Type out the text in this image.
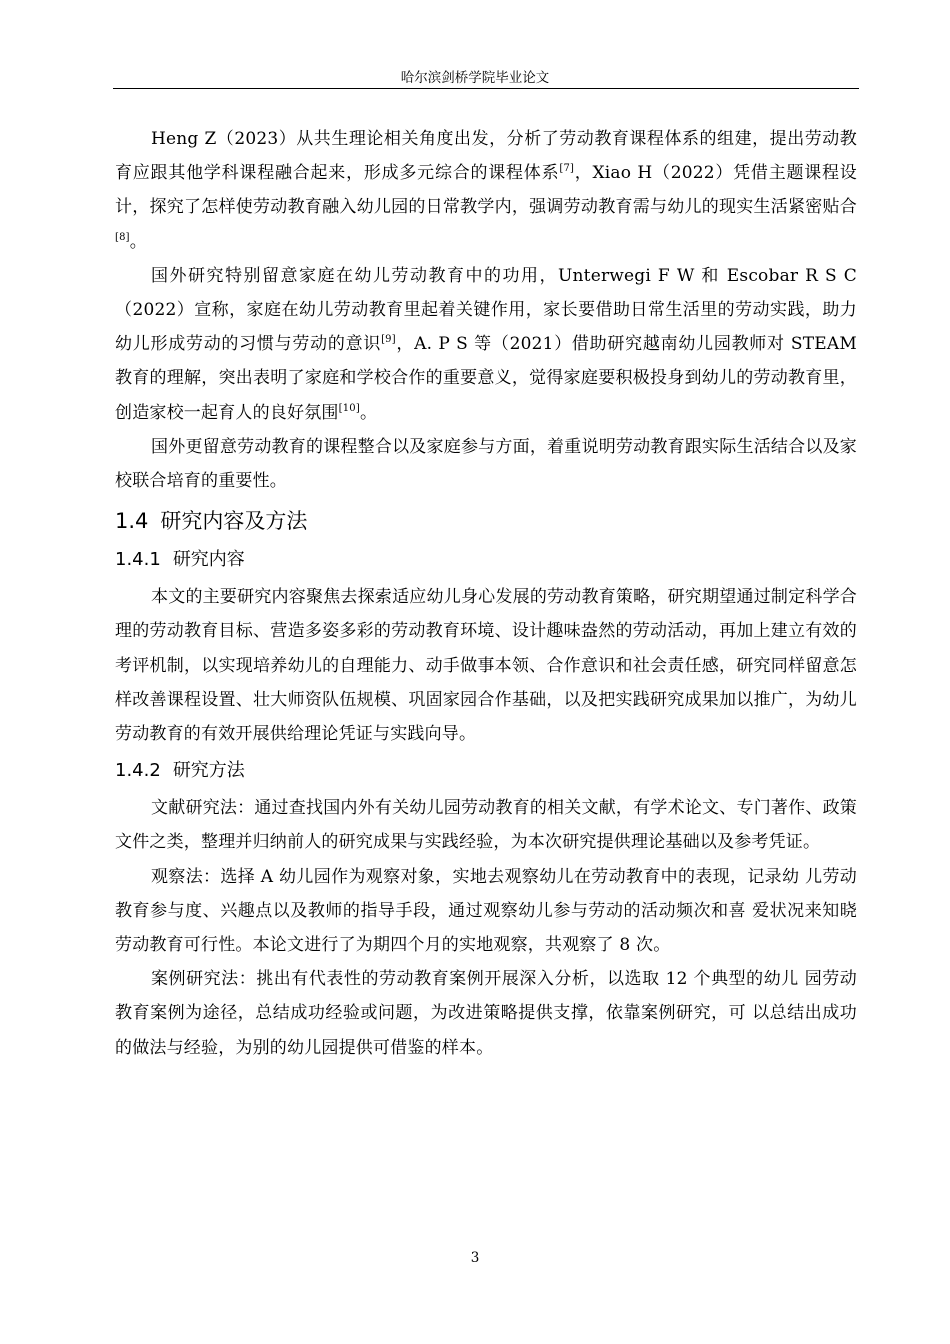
哈尔滨剑桥学院毕业论文

Heng Z（2023）从共生理论相关角度出发，分析了劳动教育课程体系的组建，提出劳动教育应跟其他学科课程融合起来，形成多元综合的课程体系[7]，Xiao H（2022）凭借主题课程设计，探究了怎样使劳动教育融入幼儿园的日常教学内，强调劳动教育需与幼儿的现实生活紧密贴合[8]。

国外研究特别留意家庭在幼儿劳动教育中的功用，Unterwegi F W 和 Escobar R S C（2022）宣称，家庭在幼儿劳动教育里起着关键作用，家长要借助日常生活里的劳动实践，助力幼儿形成劳动的习惯与劳动的意识[9]，A. P S 等（2021）借助研究越南幼儿园教师对 STEAM 教育的理解，突出表明了家庭和学校合作的重要意义，觉得家庭要积极投身到幼儿的劳动教育里，创造家校一起育人的良好氛围[10]。

国外更留意劳动教育的课程整合以及家庭参与方面，着重说明劳动教育跟实际生活结合以及家校联合培育的重要性。

1.4 研究内容及方法
1.4.1 研究内容

本文的主要研究内容聚焦去探索适应幼儿身心发展的劳动教育策略，研究期望通过制定科学合理的劳动教育目标、营造多姿多彩的劳动教育环境、设计趣味盎然的劳动活动，再加上建立有效的考评机制，以实现培养幼儿的自理能力、动手做事本领、合作意识和社会责任感，研究同样留意怎样改善课程设置、壮大师资队伍规模、巩固家园合作基础，以及把实践研究成果加以推广，为幼儿劳动教育的有效开展供给理论凭证与实践向导。

1.4.2 研究方法

文献研究法：通过查找国内外有关幼儿园劳动教育的相关文献，有学术论文、专门著作、政策文件之类，整理并归纳前人的研究成果与实践经验，为本次研究提供理论基础以及参考凭证。

观察法：选择 A 幼儿园作为观察对象，实地去观察幼儿在劳动教育中的表现，记录幼 儿劳动教育参与度、兴趣点以及教师的指导手段，通过观察幼儿参与劳动的活动频次和喜 爱状况来知晓劳动教育可行性。本论文进行了为期四个月的实地观察，共观察了 8 次。

案例研究法：挑出有代表性的劳动教育案例开展深入分析，以选取 12 个典型的幼儿 园劳动教育案例为途径，总结成功经验或问题，为改进策略提供支撑，依靠案例研究，可 以总结出成功的做法与经验，为别的幼儿园提供可借鉴的样本。

3
